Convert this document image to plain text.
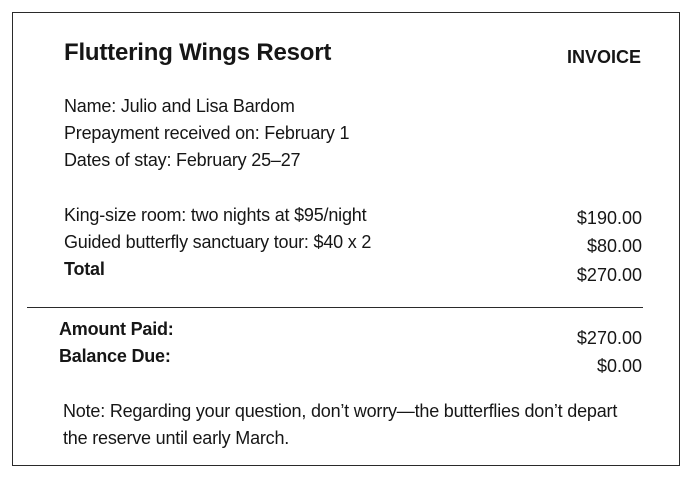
Fluttering Wings Resort	INVOICE
Name: Julio and Lisa Bardom
Prepayment received on: February 1
Dates of stay: February 25–27
King-size room: two nights at $95/night	$190.00
Guided butterfly sanctuary tour: $40 x 2	$80.00
Total	$270.00
Amount Paid:	$270.00
Balance Due:	$0.00
Note: Regarding your question, don’t worry—the butterflies don’t depart the reserve until early March.
